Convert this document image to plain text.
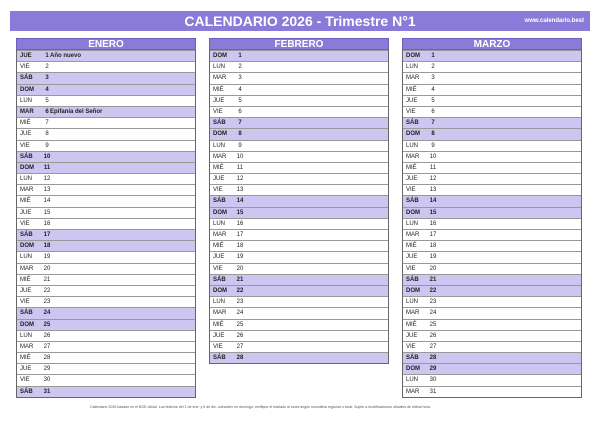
CALENDARIO 2026 - Trimestre N°1	www.calendario.best
ENERO
JUE	1 Año nuevo
VIE	2
SÁB	3
DOM	4
LUN	5
MAR	6 Epifanía del Señor
MIÉ	7
JUE	8
VIE	9
SÁB	10
DOM	11
LUN	12
MAR	13
MIÉ	14
JUE	15
VIE	16
SÁB	17
DOM	18
LUN	19
MAR	20
MIÉ	21
JUE	22
VIE	23
SÁB	24
DOM	25
LUN	26
MAR	27
MIÉ	28
JUE	29
VIE	30
SÁB	31
FEBRERO
DOM	1
LUN	2
MAR	3
MIÉ	4
JUE	5
VIE	6
SÁB	7
DOM	8
LUN	9
MAR	10
MIÉ	11
JUE	12
VIE	13
SÁB	14
DOM	15
LUN	16
MAR	17
MIÉ	18
JUE	19
VIE	20
SÁB	21
DOM	22
LUN	23
MAR	24
MIÉ	25
JUE	26
VIE	27
SÁB	28
MARZO
DOM	1
LUN	2
MAR	3
MIÉ	4
JUE	5
VIE	6
SÁB	7
DOM	8
LUN	9
MAR	10
MIÉ	11
JUE	12
VIE	13
SÁB	14
DOM	15
LUN	16
MAR	17
MIÉ	18
JUE	19
VIE	20
SÁB	21
DOM	22
LUN	23
MAR	24
MIÉ	25
JUE	26
VIE	27
SÁB	28
DOM	29
LUN	30
MAR	31
Calendario 2026 basado en el BOE oficial. Los festivos del 1 de ene. y 6 de dic. coinciden en domingo: verifique el traslado al lunes según normativa regional o local. Sujeto a modificaciones oficiales de última hora.
